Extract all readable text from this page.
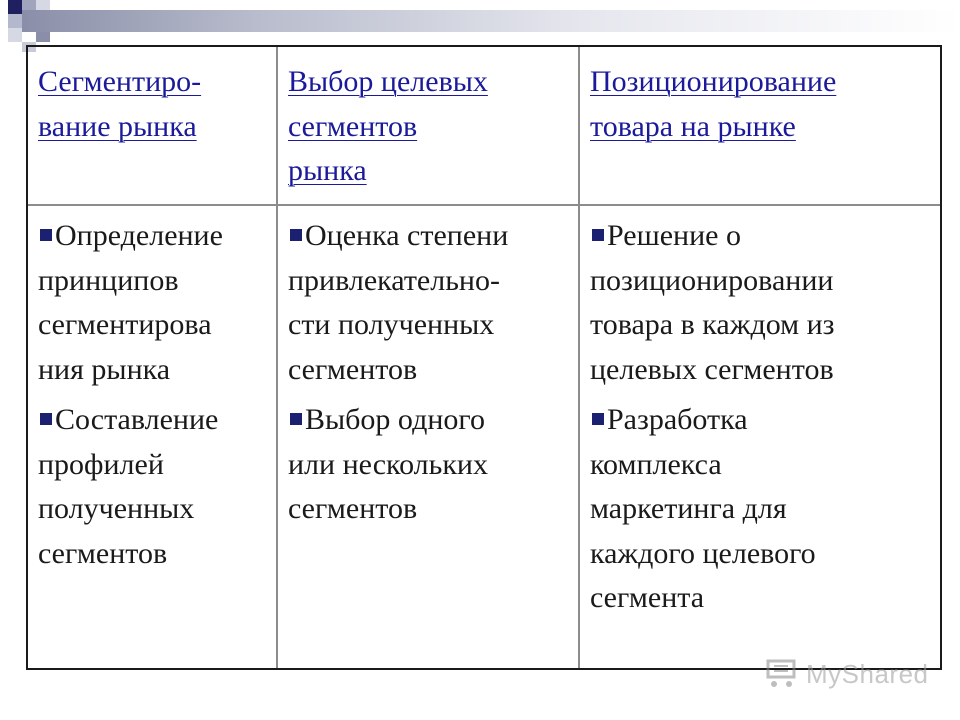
Сегментиро-
вание рынка
Выбор целевых
сегментов
рынка
Позиционирование
товара на рынке
Определение
принципов
сегментирова
ния рынка
Составление
профилей
полученных
сегментов
Оценка степени
привлекательно-
сти полученных
сегментов
Выбор одного
или нескольких
сегментов
Решение о
позиционировании
товара в каждом из
целевых сегментов
Разработка
комплекса
маркетинга для
каждого целевого
сегмента
MyShared
